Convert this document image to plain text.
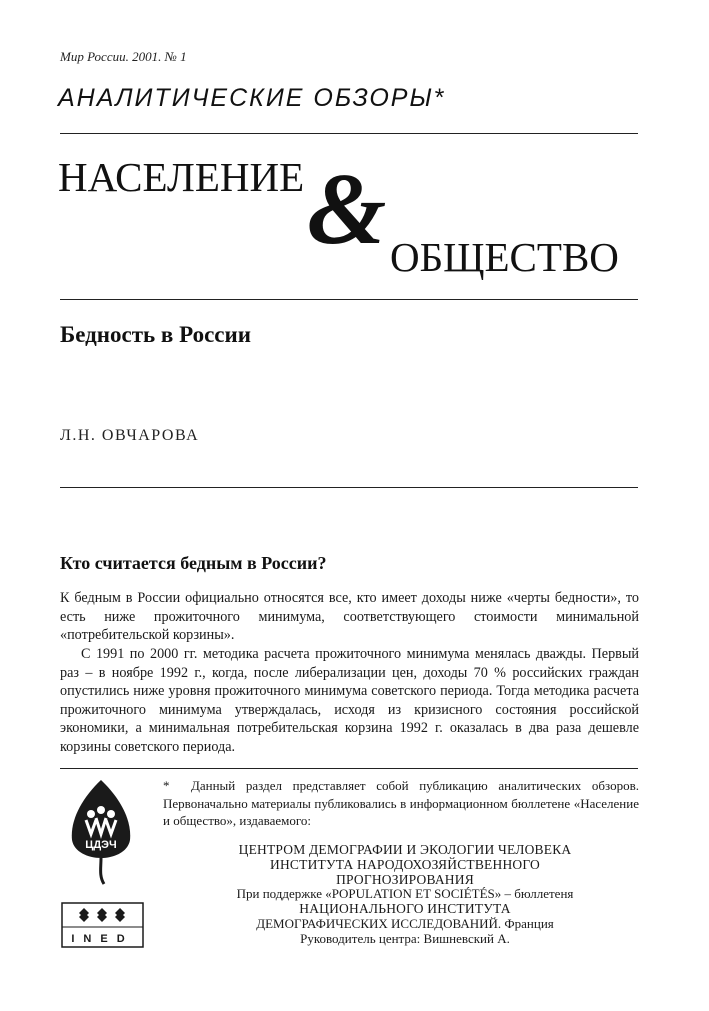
Мир России. 2001. № 1
АНАЛИТИЧЕСКИЕ ОБЗОРЫ*
НАСЕЛЕНИЕ & ОБЩЕСТВО
Бедность в России
Л.Н. ОВЧАРОВА
Кто считается бедным в России?
К бедным в России официально относятся все, кто имеет доходы ниже «черты бедности», то есть ниже прожиточного минимума, соответствующего стоимости минимальной «потребительской корзины».
С 1991 по 2000 гг. методика расчета прожиточного минимума менялась дважды. Первый раз – в ноябре 1992 г., когда, после либерализации цен, доходы 70 % российских граждан опустились ниже уровня прожиточного минимума советского периода. Тогда методика расчета прожиточного минимума утверждалась, исходя из кризисного состояния российской экономики, а минимальная потребительская корзина 1992 г. оказалась в два раза дешевле корзины советского периода.
ЦДЭЧ
INED
* Данный раздел представляет собой публикацию аналитических обзоров. Первоначально материалы публиковались в информационном бюллетене «Население и общество», издаваемого:
ЦЕНТРОМ ДЕМОГРАФИИ И ЭКОЛОГИИ ЧЕЛОВЕКА
ИНСТИТУТА НАРОДОХОЗЯЙСТВЕННОГО
ПРОГНОЗИРОВАНИЯ
При поддержке «POPULATION ET SOCIÉTÉS» – бюллетеня
НАЦИОНАЛЬНОГО ИНСТИТУТА
ДЕМОГРАФИЧЕСКИХ ИССЛЕДОВАНИЙ. Франция
Руководитель центра: Вишневский А.
